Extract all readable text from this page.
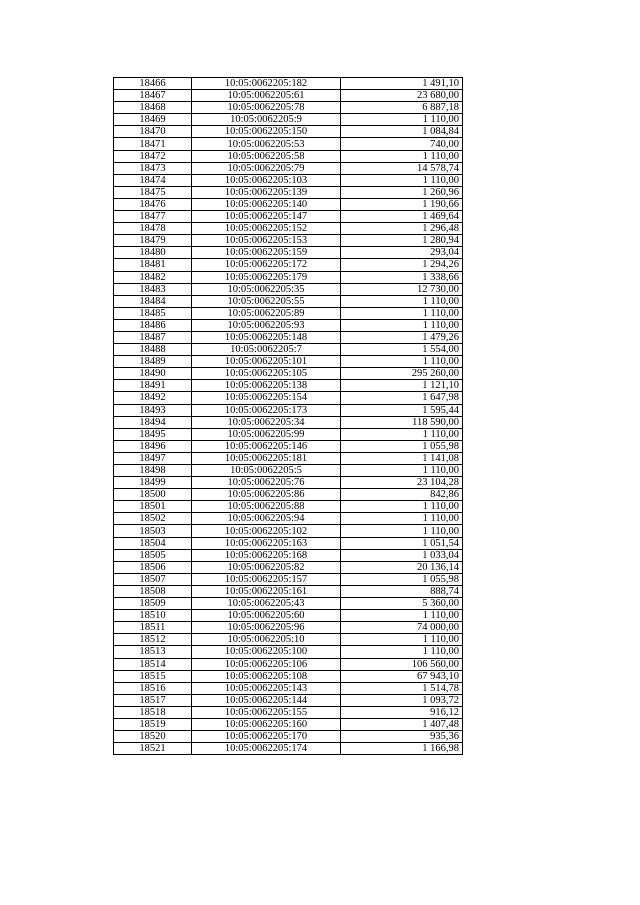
18466	10:05:0062205:182	1 491,10
18467	10:05:0062205:61	23 680,00
18468	10:05:0062205:78	6 887,18
18469	10:05:0062205:9	1 110,00
18470	10:05:0062205:150	1 084,84
18471	10:05:0062205:53	740,00
18472	10:05:0062205:58	1 110,00
18473	10:05:0062205:79	14 578,74
18474	10:05:0062205:103	1 110,00
18475	10:05:0062205:139	1 260,96
18476	10:05:0062205:140	1 190,66
18477	10:05:0062205:147	1 469,64
18478	10:05:0062205:152	1 296,48
18479	10:05:0062205:153	1 280,94
18480	10:05:0062205:159	293,04
18481	10:05:0062205:172	1 294,26
18482	10:05:0062205:179	1 338,66
18483	10:05:0062205:35	12 730,00
18484	10:05:0062205:55	1 110,00
18485	10:05:0062205:89	1 110,00
18486	10:05:0062205:93	1 110,00
18487	10:05:0062205:148	1 479,26
18488	10:05:0062205:7	1 554,00
18489	10:05:0062205:101	1 110,00
18490	10:05:0062205:105	295 260,00
18491	10:05:0062205:138	1 121,10
18492	10:05:0062205:154	1 647,98
18493	10:05:0062205:173	1 595,44
18494	10:05:0062205:34	118 590,00
18495	10:05:0062205:99	1 110,00
18496	10:05:0062205:146	1 055,98
18497	10:05:0062205:181	1 141,08
18498	10:05:0062205:5	1 110,00
18499	10:05:0062205:76	23 104,28
18500	10:05:0062205:86	842,86
18501	10:05:0062205:88	1 110,00
18502	10:05:0062205:94	1 110,00
18503	10:05:0062205:102	1 110,00
18504	10:05:0062205:163	1 051,54
18505	10:05:0062205:168	1 033,04
18506	10:05:0062205:82	20 136,14
18507	10:05:0062205:157	1 055,98
18508	10:05:0062205:161	888,74
18509	10:05:0062205:43	5 360,00
18510	10:05:0062205:60	1 110,00
18511	10:05:0062205:96	74 000,00
18512	10:05:0062205:10	1 110,00
18513	10:05:0062205:100	1 110,00
18514	10:05:0062205:106	106 560,00
18515	10:05:0062205:108	67 943,10
18516	10:05:0062205:143	1 514,78
18517	10:05:0062205:144	1 093,72
18518	10:05:0062205:155	916,12
18519	10:05:0062205:160	1 407,48
18520	10:05:0062205:170	935,36
18521	10:05:0062205:174	1 166,98
